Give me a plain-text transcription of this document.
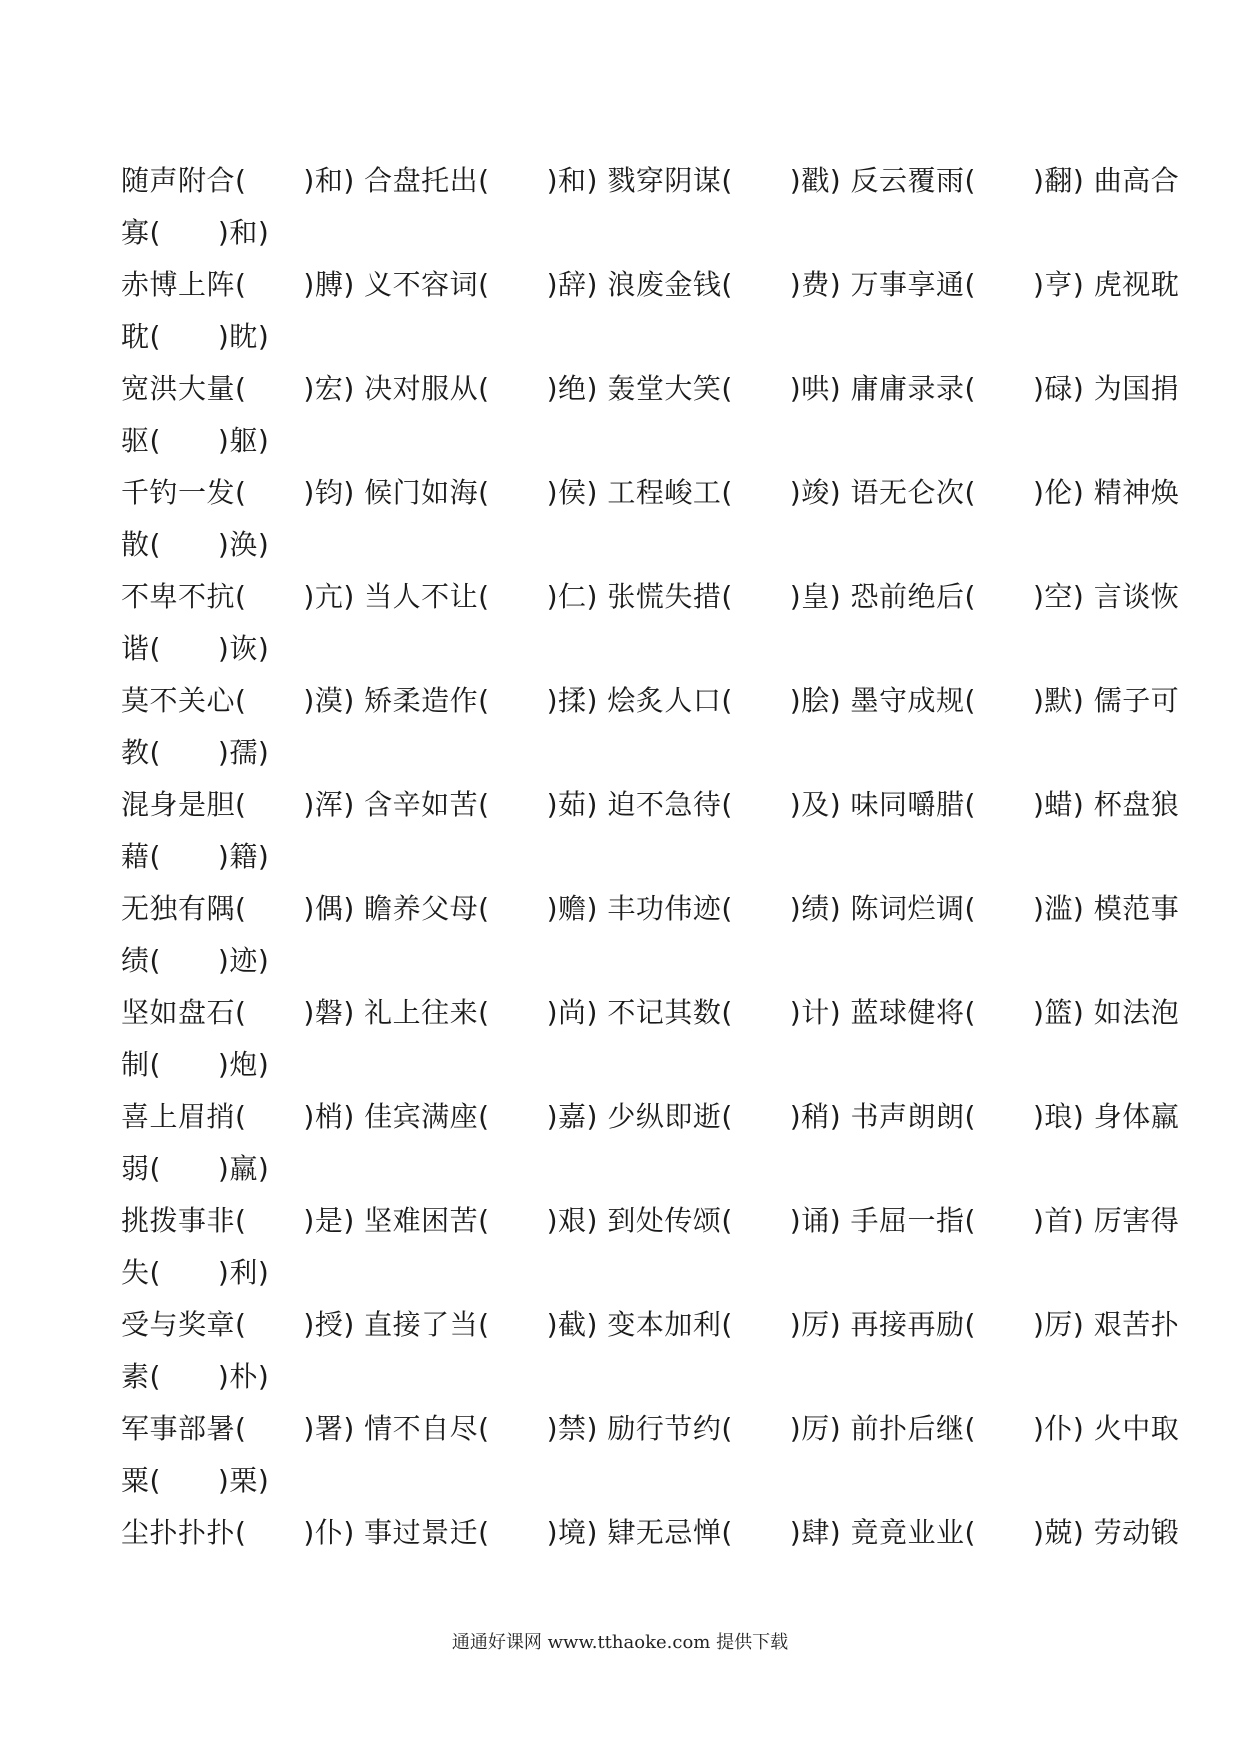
随声附合(　　)和) 合盘托出(　　)和) 戮穿阴谋(　　)戳) 反云覆雨(　　)翻) 曲高合
寡(　　)和)
赤博上阵(　　)膊) 义不容词(　　)辞) 浪废金钱(　　)费) 万事享通(　　)亨) 虎视耽
耽(　　)眈)
宽洪大量(　　)宏) 决对服从(　　)绝) 轰堂大笑(　　)哄) 庸庸录录(　　)碌) 为国捐
驱(　　)躯)
千钓一发(　　)钧) 候门如海(　　)侯) 工程峻工(　　)竣) 语无仑次(　　)伦) 精神焕
散(　　)涣)
不卑不抗(　　)亢) 当人不让(　　)仁) 张慌失措(　　)皇) 恐前绝后(　　)空) 言谈恢
谐(　　)诙)
莫不关心(　　)漠) 矫柔造作(　　)揉) 烩炙人口(　　)脍) 墨守成规(　　)默) 儒子可
教(　　)孺)
混身是胆(　　)浑) 含辛如苦(　　)茹) 迫不急待(　　)及) 味同嚼腊(　　)蜡) 杯盘狼
藉(　　)籍)
无独有隅(　　)偶) 瞻养父母(　　)赡) 丰功伟迹(　　)绩) 陈词烂调(　　)滥) 模范事
绩(　　)迹)
坚如盘石(　　)磐) 礼上往来(　　)尚) 不记其数(　　)计) 蓝球健将(　　)篮) 如法泡
制(　　)炮)
喜上眉捎(　　)梢) 佳宾满座(　　)嘉) 少纵即逝(　　)稍) 书声朗朗(　　)琅) 身体羸
弱(　　)羸)
挑拨事非(　　)是) 坚难困苦(　　)艰) 到处传颂(　　)诵) 手屈一指(　　)首) 厉害得
失(　　)利)
受与奖章(　　)授) 直接了当(　　)截) 变本加利(　　)厉) 再接再励(　　)厉) 艰苦扑
素(　　)朴)
军事部暑(　　)署) 情不自尽(　　)禁) 励行节约(　　)厉) 前扑后继(　　)仆) 火中取
粟(　　)栗)
尘扑扑扑(　　)仆) 事过景迁(　　)境) 肄无忌惮(　　)肆) 竟竟业业(　　)兢) 劳动锻
通通好课网 www.tthaoke.com 提供下载
